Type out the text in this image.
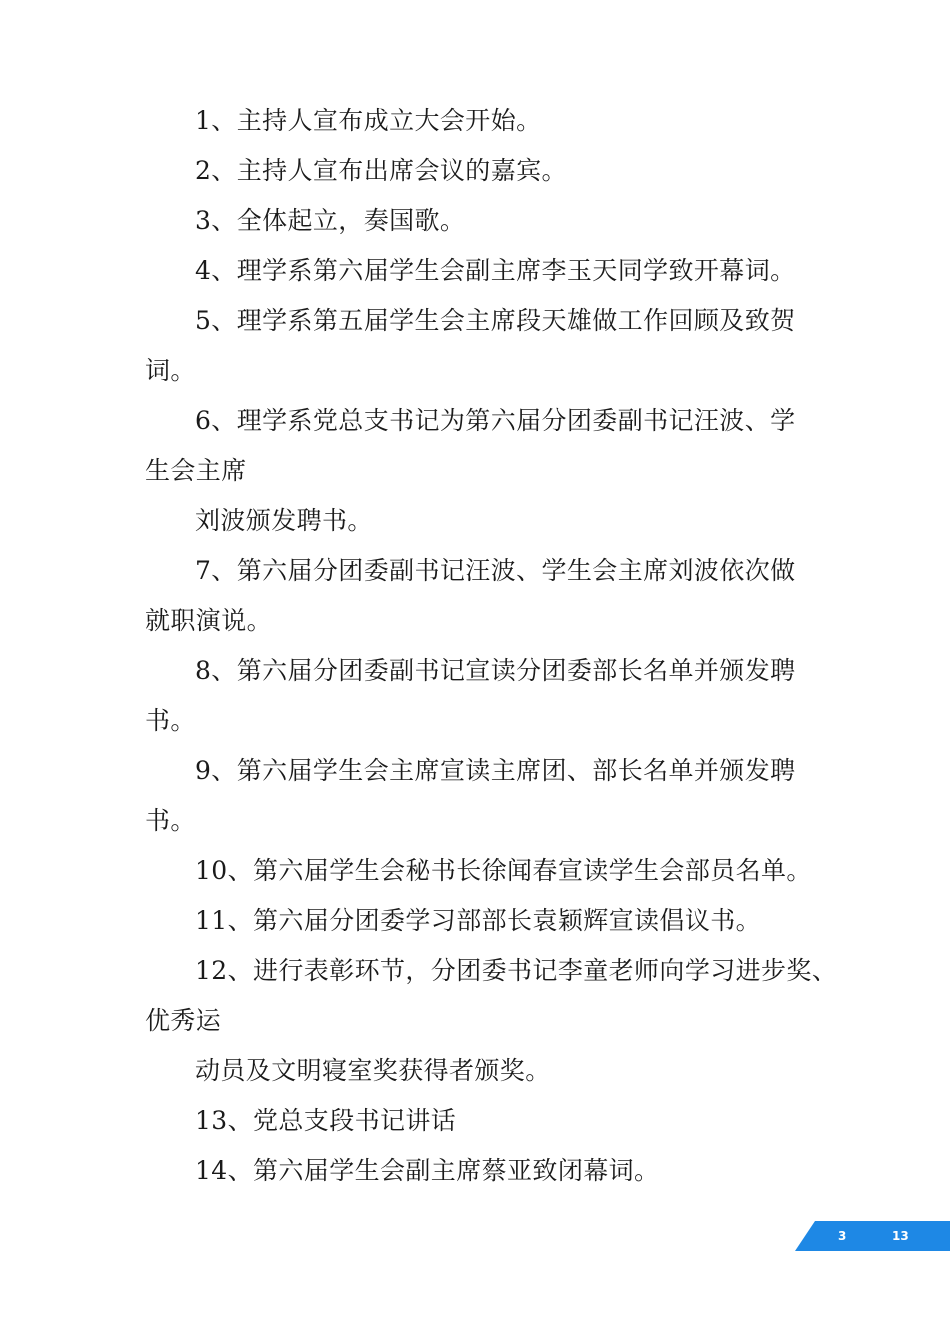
1、主持人宣布成立大会开始。
2、主持人宣布出席会议的嘉宾。
3、全体起立，奏国歌。
4、理学系第六届学生会副主席李玉天同学致开幕词。
5、理学系第五届学生会主席段天雄做工作回顾及致贺
词。
6、理学系党总支书记为第六届分团委副书记汪波、学
生会主席
刘波颁发聘书。
7、第六届分团委副书记汪波、学生会主席刘波依次做
就职演说。
8、第六届分团委副书记宣读分团委部长名单并颁发聘
书。
9、第六届学生会主席宣读主席团、部长名单并颁发聘
书。
10、第六届学生会秘书长徐闻春宣读学生会部员名单。
11、第六届分团委学习部部长袁颖辉宣读倡议书。
12、进行表彰环节，分团委书记李童老师向学习进步奖、
优秀运
动员及文明寝室奖获得者颁奖。
13、党总支段书记讲话
14、第六届学生会副主席蔡亚致闭幕词。
3	13
